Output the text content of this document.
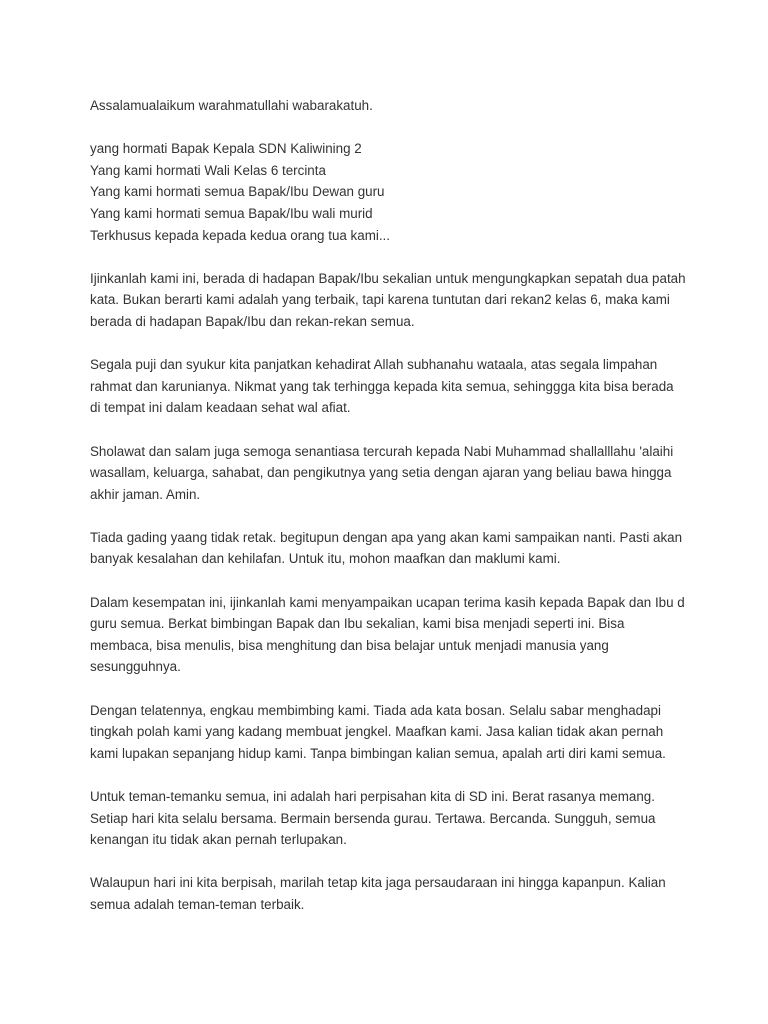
Assalamualaikum warahmatullahi wabarakatuh.

yang hormati Bapak Kepala SDN Kaliwining 2
Yang kami hormati Wali Kelas 6 tercinta
Yang kami hormati semua Bapak/Ibu Dewan guru
Yang kami hormati semua Bapak/Ibu wali murid
Terkhusus kepada kepada kedua orang tua kami...

Ijinkanlah kami ini, berada di hadapan Bapak/Ibu sekalian untuk mengungkapkan sepatah dua patah
kata. Bukan berarti kami adalah yang terbaik, tapi karena tuntutan dari rekan2 kelas 6, maka kami
berada di hadapan Bapak/Ibu dan rekan-rekan semua.

Segala puji dan syukur kita panjatkan kehadirat Allah subhanahu wataala, atas segala limpahan
rahmat dan karunianya. Nikmat yang tak terhingga kepada kita semua, sehinggga kita bisa berada
di tempat ini dalam keadaan sehat wal afiat.

Sholawat dan salam juga semoga senantiasa tercurah kepada Nabi Muhammad shallalllahu 'alaihi
wasallam, keluarga, sahabat, dan pengikutnya yang setia dengan ajaran yang beliau bawa hingga
akhir jaman. Amin.

Tiada gading yaang tidak retak. begitupun dengan apa yang akan kami sampaikan nanti. Pasti akan
banyak kesalahan dan kehilafan. Untuk itu, mohon maafkan dan maklumi kami.

Dalam kesempatan ini, ijinkanlah kami menyampaikan ucapan terima kasih kepada Bapak dan Ibu d
guru semua. Berkat bimbingan Bapak dan Ibu sekalian, kami bisa menjadi seperti ini. Bisa
membaca, bisa menulis, bisa menghitung dan bisa belajar untuk menjadi manusia yang
sesungguhnya.

Dengan telatennya, engkau membimbing kami. Tiada ada kata bosan. Selalu sabar menghadapi
tingkah polah kami yang kadang membuat jengkel. Maafkan kami. Jasa kalian tidak akan pernah
kami lupakan sepanjang hidup kami. Tanpa bimbingan kalian semua, apalah arti diri kami semua.

Untuk teman-temanku semua, ini adalah hari perpisahan kita di SD ini. Berat rasanya memang.
Setiap hari kita selalu bersama. Bermain bersenda gurau. Tertawa. Bercanda. Sungguh, semua
kenangan itu tidak akan pernah terlupakan.

Walaupun hari ini kita berpisah, marilah tetap kita jaga persaudaraan ini hingga kapanpun. Kalian
semua adalah teman-teman terbaik.
